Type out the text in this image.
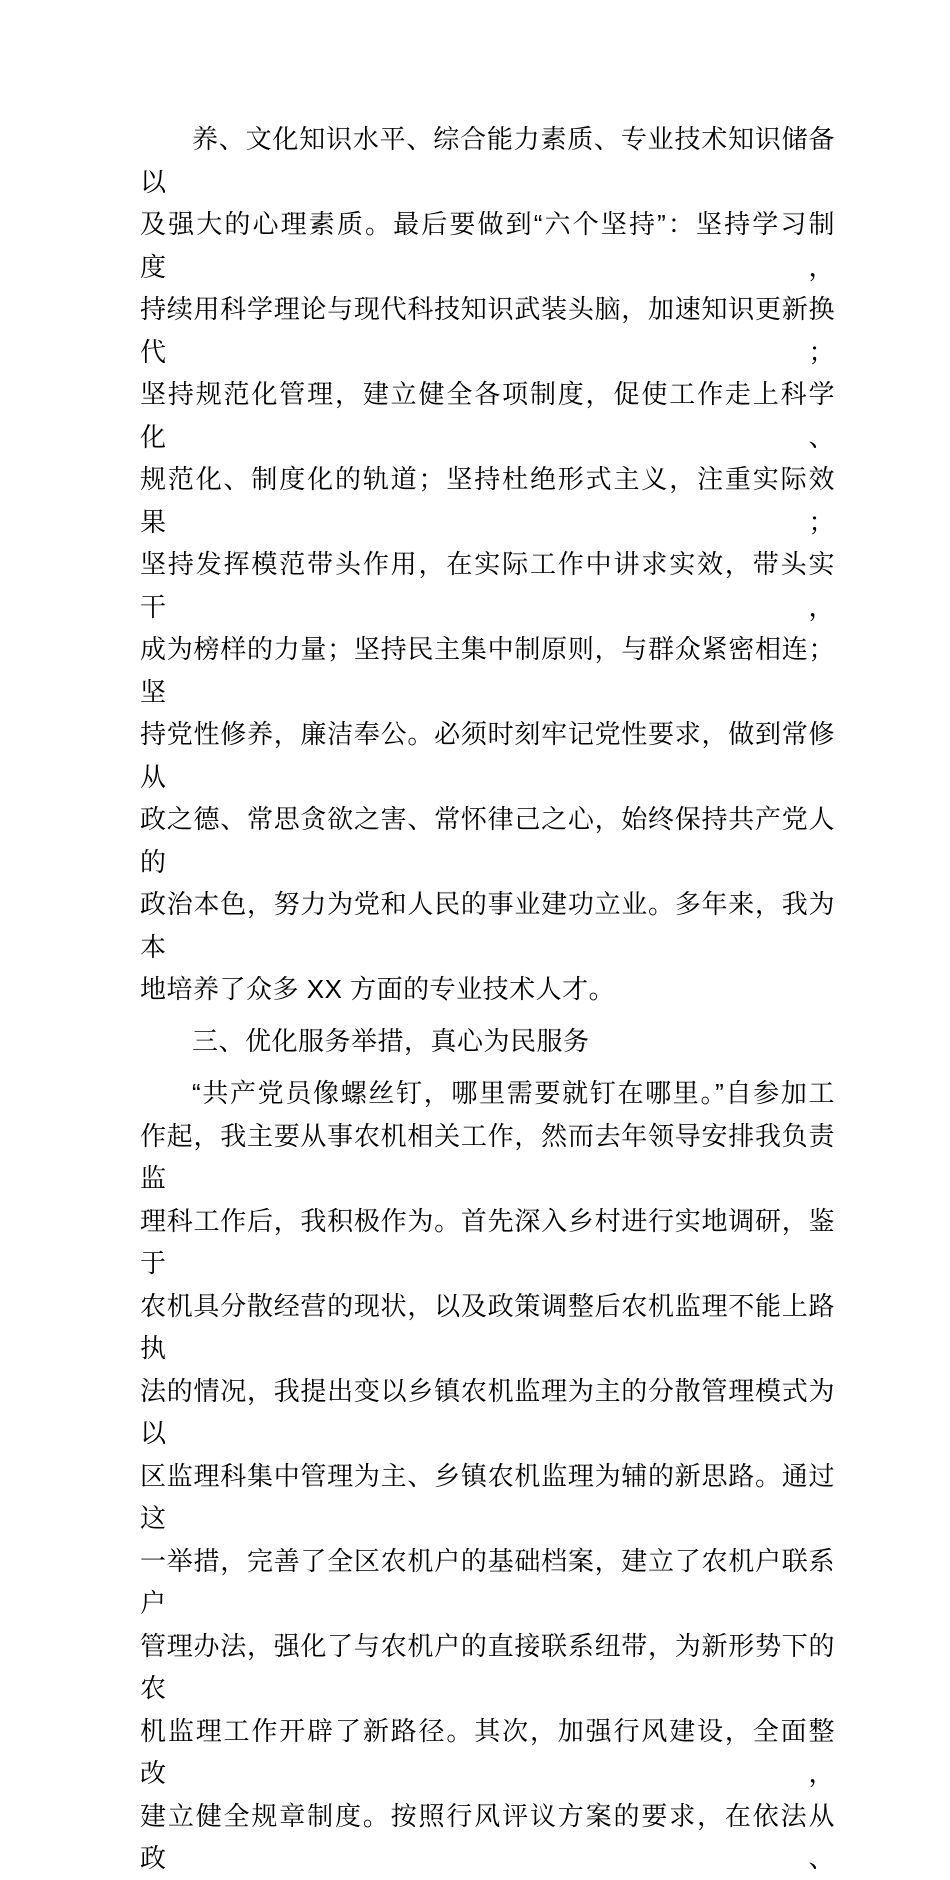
养、文化知识水平、综合能力素质、专业技术知识储备以
及强大的心理素质。最后要做到“六个坚持”：坚持学习制度，
持续用科学理论与现代科技知识武装头脑，加速知识更新换代；
坚持规范化管理，建立健全各项制度，促使工作走上科学化、
规范化、制度化的轨道；坚持杜绝形式主义，注重实际效果；
坚持发挥模范带头作用，在实际工作中讲求实效，带头实干，
成为榜样的力量；坚持民主集中制原则，与群众紧密相连；坚
持党性修养，廉洁奉公。必须时刻牢记党性要求，做到常修从
政之德、常思贪欲之害、常怀律己之心，始终保持共产党人的
政治本色，努力为党和人民的事业建功立业。多年来，我为本
地培养了众多 XX 方面的专业技术人才。
三、优化服务举措，真心为民服务
“共产党员像螺丝钉，哪里需要就钉在哪里。”自参加工
作起，我主要从事农机相关工作，然而去年领导安排我负责监
理科工作后，我积极作为。首先深入乡村进行实地调研，鉴于
农机具分散经营的现状，以及政策调整后农机监理不能上路执
法的情况，我提出变以乡镇农机监理为主的分散管理模式为以
区监理科集中管理为主、乡镇农机监理为辅的新思路。通过这
一举措，完善了全区农机户的基础档案，建立了农机户联系户
管理办法，强化了与农机户的直接联系纽带，为新形势下的农
机监理工作开辟了新路径。其次，加强行风建设，全面整改，
建立健全规章制度。按照行风评议方案的要求，在依法从政、
